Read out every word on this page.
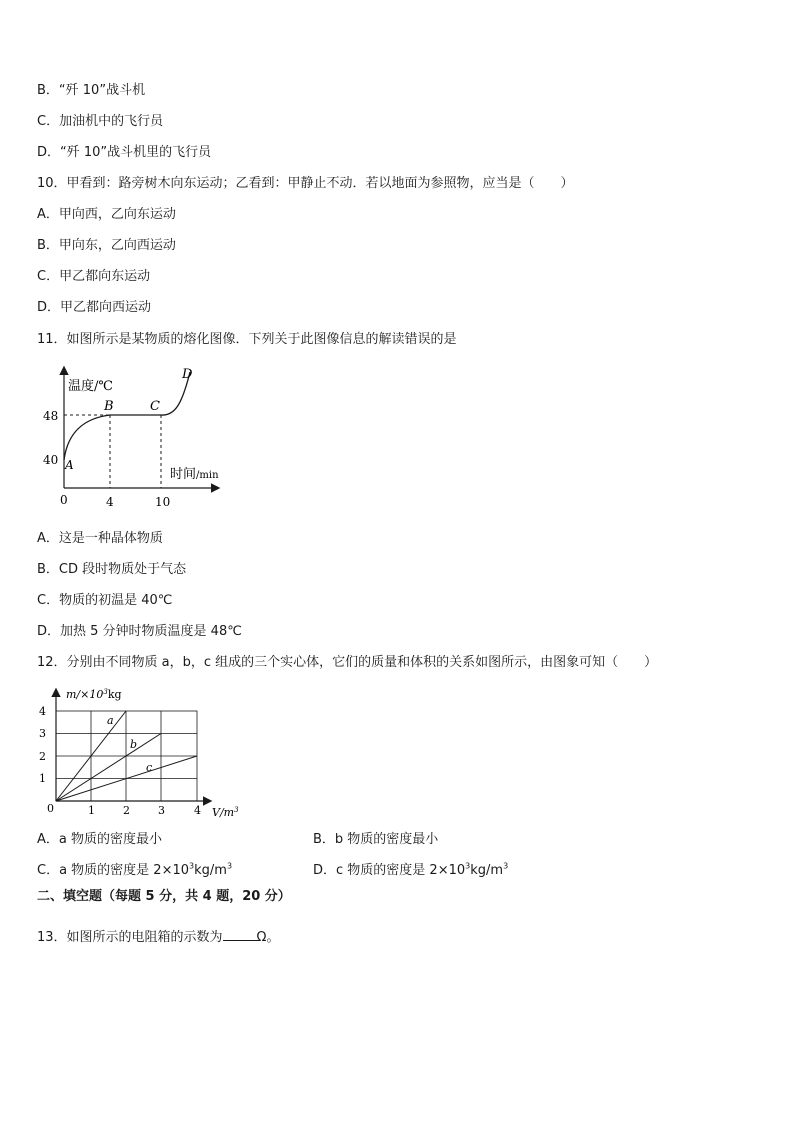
B．“歼 10”战斗机
C．加油机中的飞行员
D．“歼 10”战斗机里的飞行员
10．甲看到：路旁树木向东运动；乙看到：甲静止不动．若以地面为参照物，应当是（　　）
A．甲向西，乙向东运动
B．甲向东，乙向西运动
C．甲乙都向东运动
D．甲乙都向西运动
11．如图所示是某物质的熔化图像．下列关于此图像信息的解读错误的是
温度/℃
48
40
0	4	10
时间/min
A
B	C
D
A．这是一种晶体物质
B．CD 段时物质处于气态
C．物质的初温是 40℃
D．加热 5 分钟时物质温度是 48℃
12．分别由不同物质 a，b，c 组成的三个实心体，它们的质量和体积的关系如图所示，由图象可知（　　）
$m/\times 10^3kg$
4
3
2
1
0	1	2	3	4 $V/m^3$
a
b
c
A．a 物质的密度最小	B．b 物质的密度最小
C．a 物质的密度是 $2\times 10^3kg/m^3$	D．c 物质的密度是 $2\times 10^3kg/m^3$
二、填空题（每题 5 分，共 4 题，20 分）
13．如图所示的电阻箱的示数为	Ω。
